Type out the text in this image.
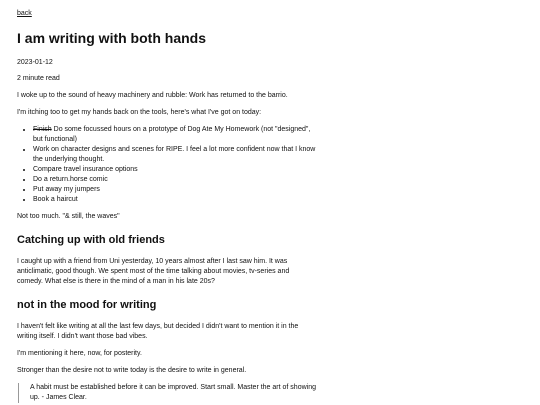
back
I am writing with both hands

2023-01-12

2 minute read

I woke up to the sound of heavy machinery and rubble: Work has returned to the barrio.

I'm itching too to get my hands back on the tools, here's what I've got on today:

• Finish Do some focussed hours on a prototype of Dog Ate My Homework (not "designed", but functional)
• Work on character designs and scenes for RIPE. I feel a lot more confident now that I know the underlying thought.
• Compare travel insurance options
• Do a return.horse comic
• Put away my jumpers
• Book a haircut

Not too much. "& still, the waves"

Catching up with old friends

I caught up with a friend from Uni yesterday, 10 years almost after I last saw him. It was anticlimatic, good though. We spent most of the time talking about movies, tv-series and comedy. What else is there in the mind of a man in his late 20s?

not in the mood for writing

I haven't felt like writing at all the last few days, but decided I didn't want to mention it in the writing itself. I didn't want those bad vibes.

I'm mentioning it here, now, for posterity.

Stronger than the desire not to write today is the desire to write in general.

A habit must be established before it can be improved. Start small. Master the art of showing up. - James Clear.
